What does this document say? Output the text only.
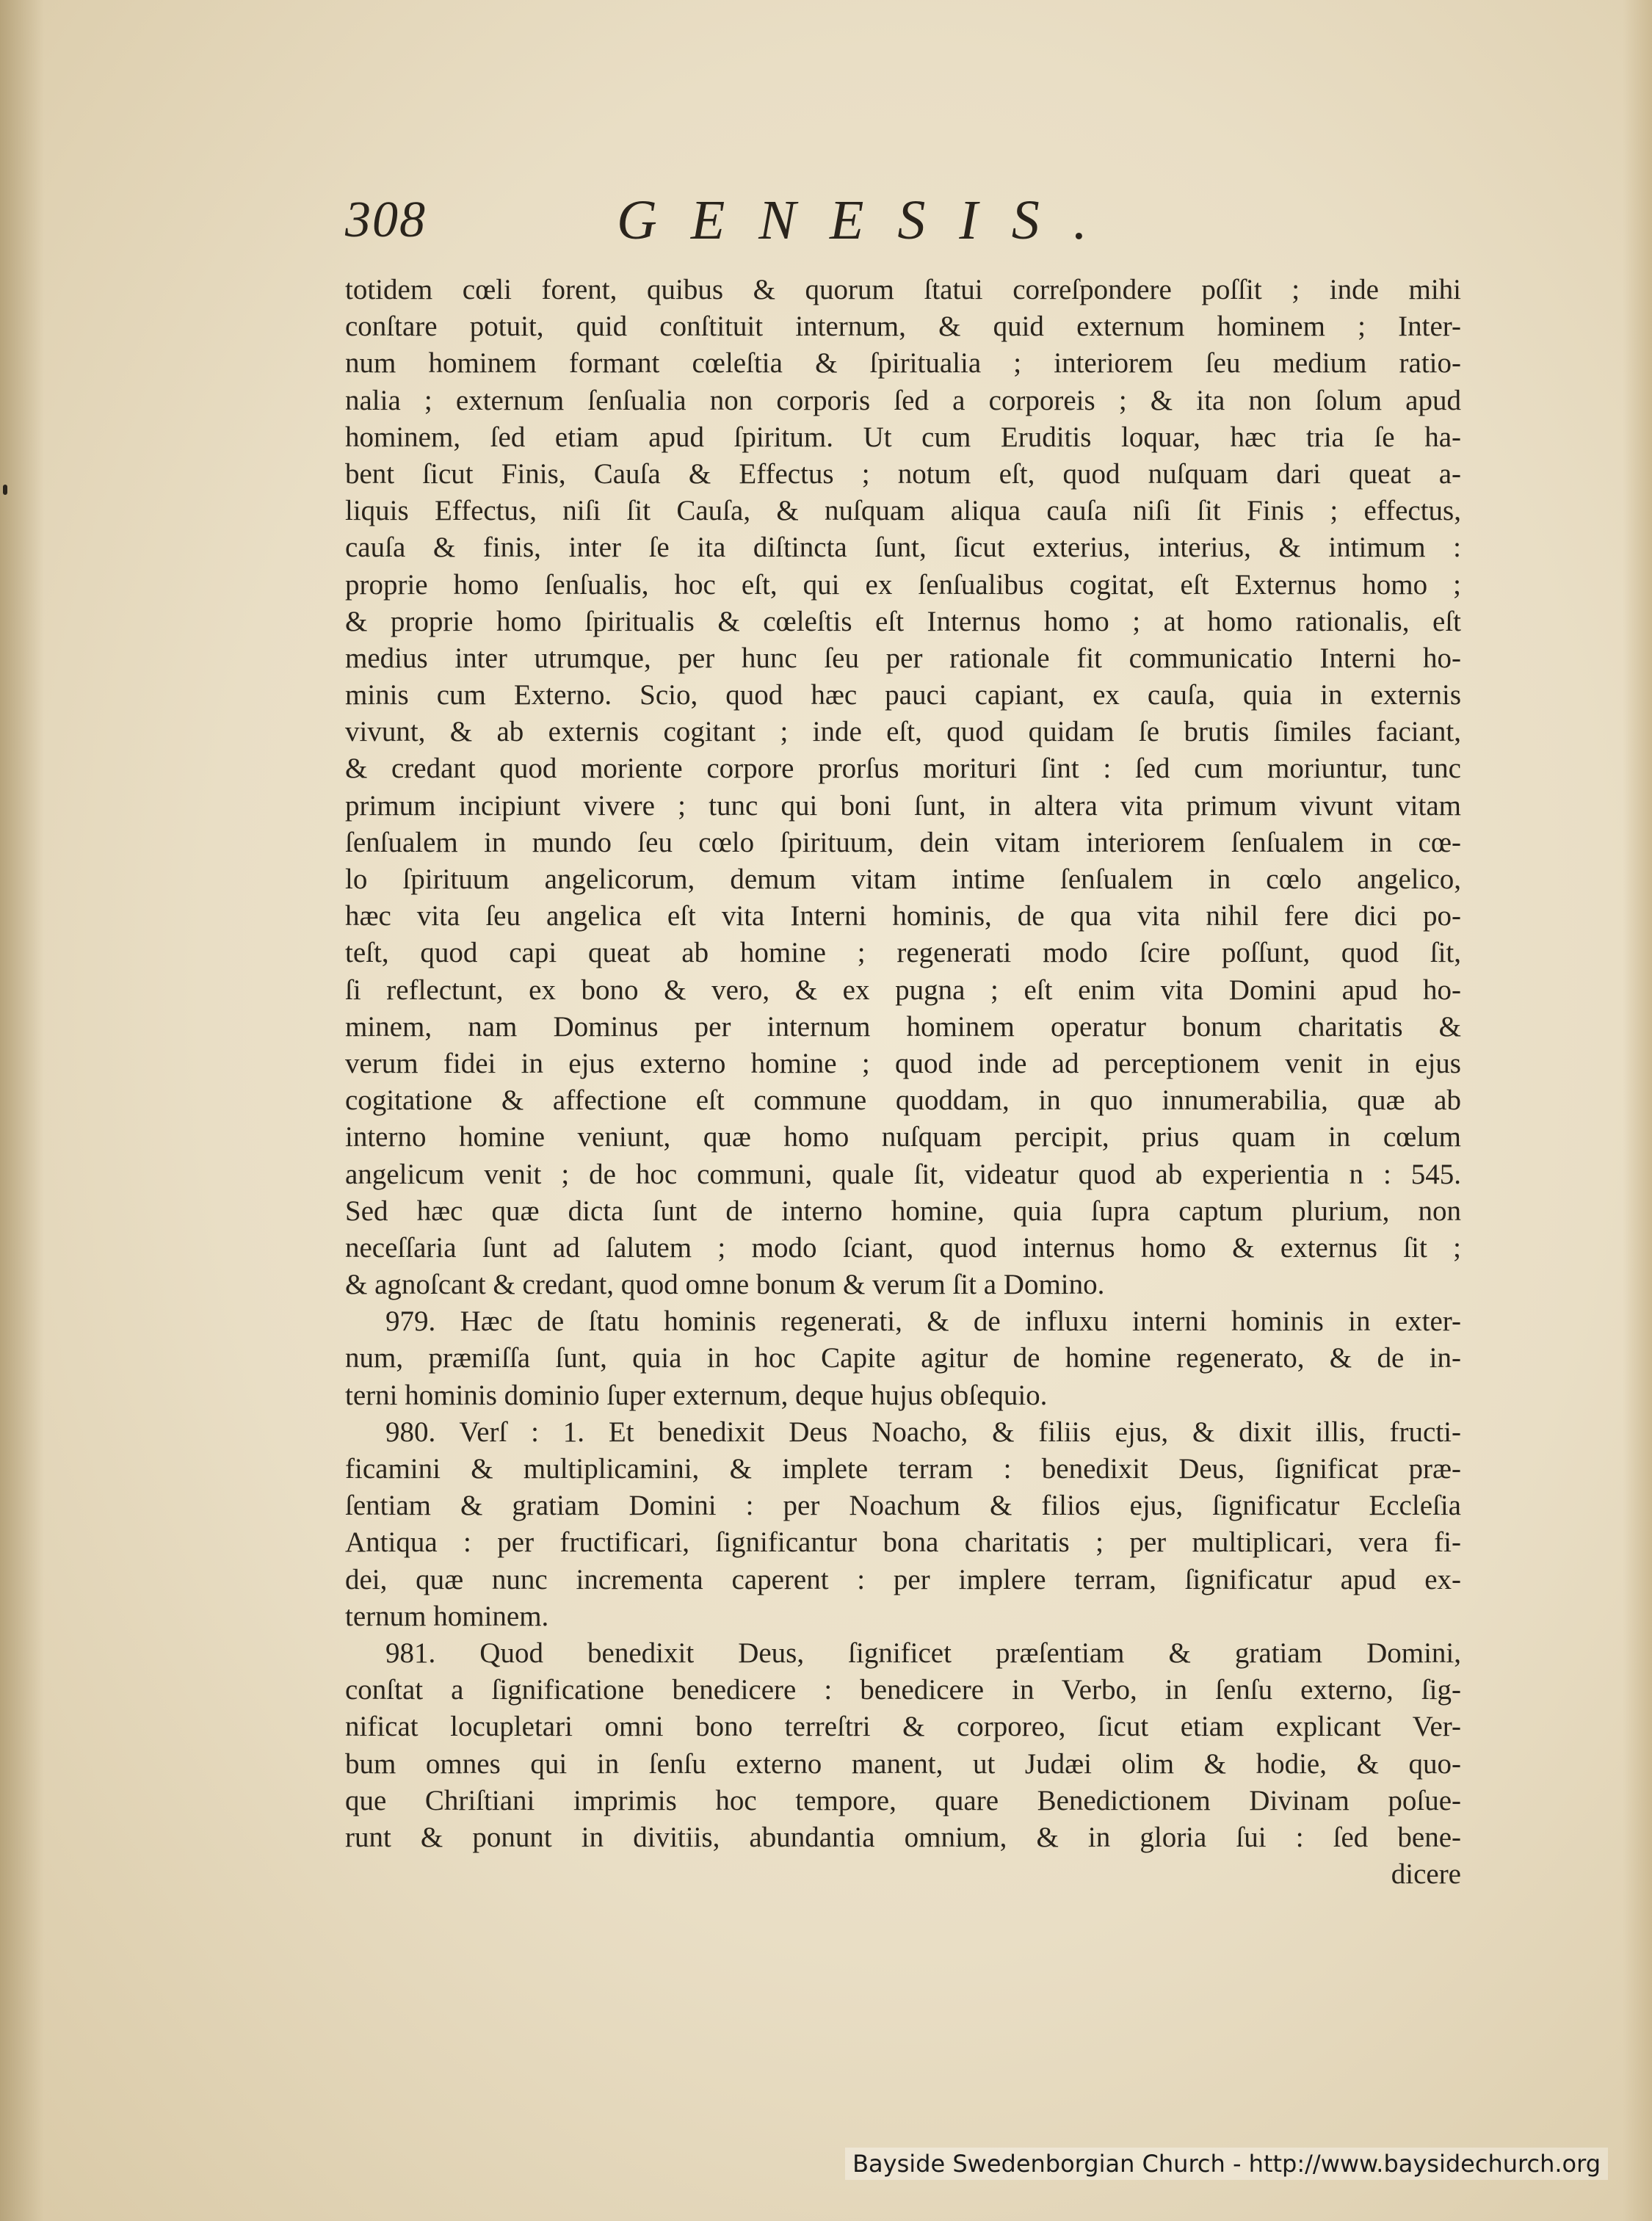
308	GENESIS.
totidem cœli forent, quibus & quorum ſtatui correſpondere poſſit ; inde mihi
conſtare potuit, quid conſtituit internum, & quid externum hominem ; Inter-
num hominem formant cœleſtia & ſpiritualia ; interiorem ſeu medium ratio-
nalia ; externum ſenſualia non corporis ſed a corporeis ; & ita non ſolum apud
hominem, ſed etiam apud ſpiritum. Ut cum Eruditis loquar, hæc tria ſe ha-
bent ſicut Finis, Cauſa & Effectus ; notum eſt, quod nuſquam dari queat a-
liquis Effectus, niſi ſit Cauſa, & nuſquam aliqua cauſa niſi ſit Finis ; effectus,
cauſa & finis, inter ſe ita diſtincta ſunt, ſicut exterius, interius, & intimum :
proprie homo ſenſualis, hoc eſt, qui ex ſenſualibus cogitat, eſt Externus homo ;
& proprie homo ſpiritualis & cœleſtis eſt Internus homo ; at homo rationalis, eſt
medius inter utrumque, per hunc ſeu per rationale fit communicatio Interni ho-
minis cum Externo. Scio, quod hæc pauci capiant, ex cauſa, quia in externis
vivunt, & ab externis cogitant ; inde eſt, quod quidam ſe brutis ſimiles faciant,
& credant quod moriente corpore prorſus morituri ſint : ſed cum moriuntur, tunc
primum incipiunt vivere ; tunc qui boni ſunt, in altera vita primum vivunt vitam
ſenſualem in mundo ſeu cœlo ſpirituum, dein vitam interiorem ſenſualem in cœ-
lo ſpirituum angelicorum, demum vitam intime ſenſualem in cœlo angelico,
hæc vita ſeu angelica eſt vita Interni hominis, de qua vita nihil fere dici po-
teſt, quod capi queat ab homine ; regenerati modo ſcire poſſunt, quod ſit,
ſi reflectunt, ex bono & vero, & ex pugna ; eſt enim vita Domini apud ho-
minem, nam Dominus per internum hominem operatur bonum charitatis &
verum fidei in ejus externo homine ; quod inde ad perceptionem venit in ejus
cogitatione & affectione eſt commune quoddam, in quo innumerabilia, quæ ab
interno homine veniunt, quæ homo nuſquam percipit, prius quam in cœlum
angelicum venit ; de hoc communi, quale ſit, videatur quod ab experientia n : 545.
Sed hæc quæ dicta ſunt de interno homine, quia ſupra captum plurium, non
neceſſaria ſunt ad ſalutem ; modo ſciant, quod internus homo & externus ſit ;
& agnoſcant & credant, quod omne bonum & verum ſit a Domino.
979. Hæc de ſtatu hominis regenerati, & de influxu interni hominis in exter-
num, præmiſſa ſunt, quia in hoc Capite agitur de homine regenerato, & de in-
terni hominis dominio ſuper externum, deque hujus obſequio.
980. Verſ : 1. Et benedixit Deus Noacho, & filiis ejus, & dixit illis, fructi-
ficamini & multiplicamini, & implete terram : benedixit Deus, ſignificat præ-
ſentiam & gratiam Domini : per Noachum & filios ejus, ſignificatur Eccleſia
Antiqua : per fructificari, ſignificantur bona charitatis ; per multiplicari, vera fi-
dei, quæ nunc incrementa caperent : per implere terram, ſignificatur apud ex-
ternum hominem.
981. Quod benedixit Deus, ſignificet præſentiam & gratiam Domini,
conſtat a ſignificatione benedicere : benedicere in Verbo, in ſenſu externo, ſig-
nificat locupletari omni bono terreſtri & corporeo, ſicut etiam explicant Ver-
bum omnes qui in ſenſu externo manent, ut Judæi olim & hodie, & quo-
que Chriſtiani imprimis hoc tempore, quare Benedictionem Divinam poſue-
runt & ponunt in divitiis, abundantia omnium, & in gloria ſui : ſed bene-
dicere
Bayside Swedenborgian Church - http://www.baysidechurch.org
